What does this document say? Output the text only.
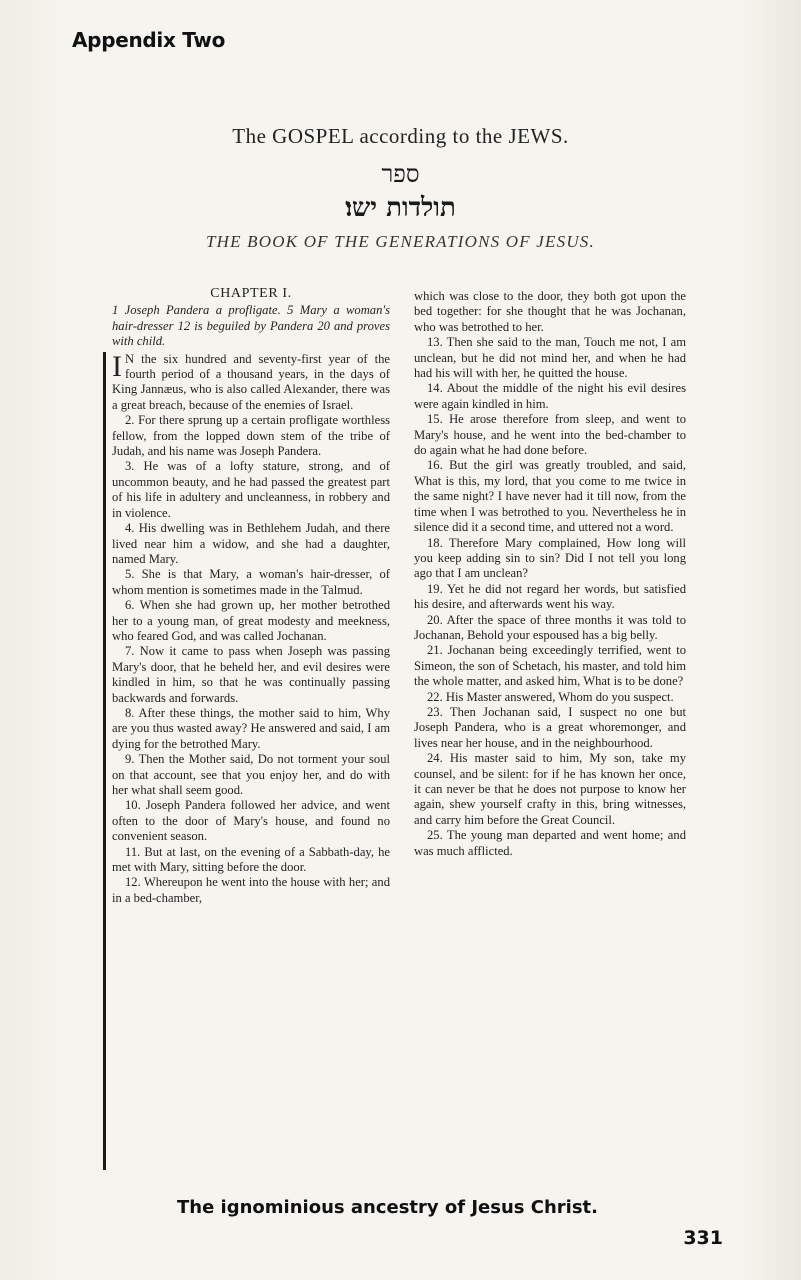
Appendix Two
The GOSPEL according to the JEWS.
ספר
תולדות ישו׃
THE BOOK OF THE GENERATIONS OF JESUS.
CHAPTER I.

1 Joseph Pandera a profligate. 5 Mary a woman's hair-dresser 12 is beguiled by Pandera 20 and proves with child.

I N the six hundred and seventy-first year of the fourth period of a thousand years, in the days of King Jannæus, who is also called Alexander, there was a great breach, because of the enemies of Israel.

2. For there sprung up a certain profligate worthless fellow, from the lopped down stem of the tribe of Judah, and his name was Joseph Pandera.

3. He was of a lofty stature, strong, and of uncommon beauty, and he had passed the greatest part of his life in adultery and uncleanness, in robbery and in violence.

4. His dwelling was in Bethlehem Judah, and there lived near him a widow, and she had a daughter, named Mary.

5. She is that Mary, a woman's hair-dresser, of whom mention is sometimes made in the Talmud.

6. When she had grown up, her mother betrothed her to a young man, of great modesty and meekness, who feared God, and was called Jochanan.

7. Now it came to pass when Joseph was passing Mary's door, that he beheld her, and evil desires were kindled in him, so that he was continually passing backwards and forwards.

8. After these things, the mother said to him, Why are you thus wasted away? He answered and said, I am dying for the betrothed Mary.

9. Then the Mother said, Do not torment your soul on that account, see that you enjoy her, and do with her what shall seem good.

10. Joseph Pandera followed her advice, and went often to the door of Mary's house, and found no convenient season.

11. But at last, on the evening of a Sabbath-day, he met with Mary, sitting before the door.

12. Whereupon he went into the house with her; and in a bed-chamber,

which was close to the door, they both got upon the bed together: for she thought that he was Jochanan, who was betrothed to her.

13. Then she said to the man, Touch me not, I am unclean, but he did not mind her, and when he had had his will with her, he quitted the house.

14. About the middle of the night his evil desires were again kindled in him.

15. He arose therefore from sleep, and went to Mary's house, and he went into the bed-chamber to do again what he had done before.

16. But the girl was greatly troubled, and said, What is this, my lord, that you come to me twice in the same night? I have never had it till now, from the time when I was betrothed to you. Nevertheless he in silence did it a second time, and uttered not a word.

18. Therefore Mary complained, How long will you keep adding sin to sin? Did I not tell you long ago that I am unclean?

19. Yet he did not regard her words, but satisfied his desire, and afterwards went his way.

20. After the space of three months it was told to Jochanan, Behold your espoused has a big belly.

21. Jochanan being exceedingly terrified, went to Simeon, the son of Schetach, his master, and told him the whole matter, and asked him, What is to be done?

22. His Master answered, Whom do you suspect.

23. Then Jochanan said, I suspect no one but Joseph Pandera, who is a great whoremonger, and lives near her house, and in the neighbourhood.

24. His master said to him, My son, take my counsel, and be silent: for if he has known her once, it can never be that he does not purpose to know her again, shew yourself crafty in this, bring witnesses, and carry him before the Great Council.

25. The young man departed and went home; and was much afflicted.

The ignominious ancestry of Jesus Christ.
331
